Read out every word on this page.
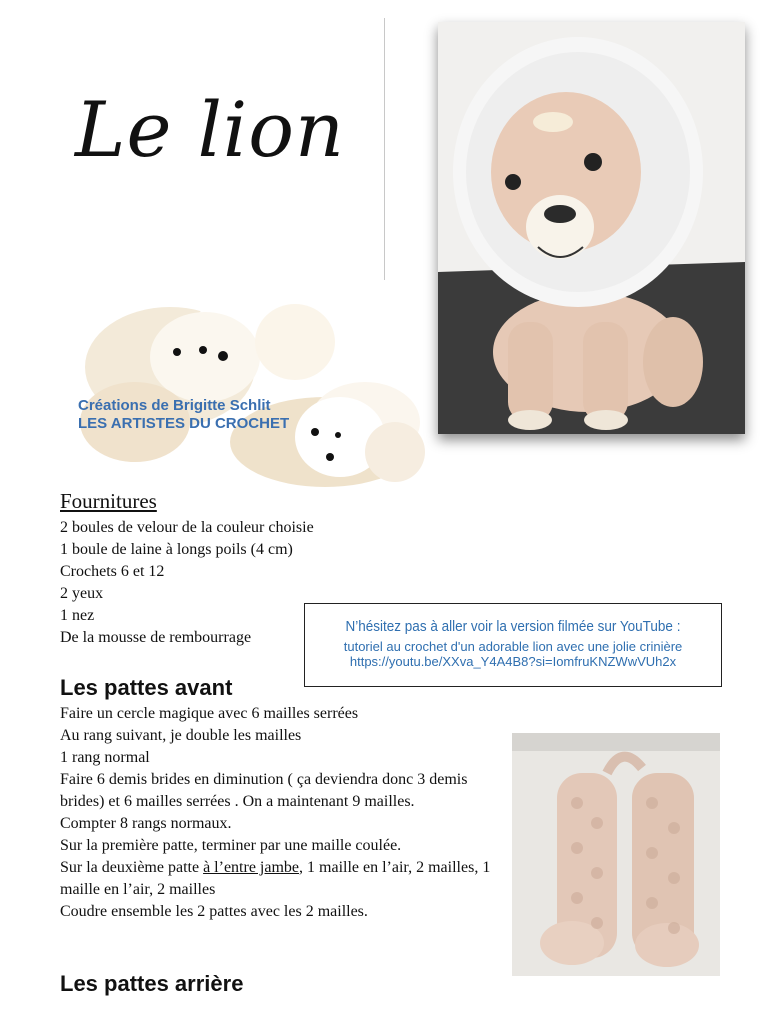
Le lion
Créations de Brigitte Schlit
LES ARTISTES DU CROCHET
Fournitures
2 boules de velour de la couleur choisie
1 boule de laine à longs poils (4 cm)
Crochets 6 et 12
2 yeux
1 nez
De la mousse de rembourrage
N’hésitez pas à aller voir la version filmée sur YouTube :
tutoriel au crochet d'un adorable lion avec une jolie crinière
https://youtu.be/XXva_Y4A4B8?si=IomfruKNZWwVUh2x
Les pattes avant

Faire un cercle magique avec 6 mailles serrées

Au rang suivant, je double les mailles

1 rang normal

Faire 6 demis brides en diminution ( ça deviendra donc 3 demis brides) et 6 mailles serrées . On a maintenant 9 mailles.

Compter 8 rangs normaux.

Sur la première patte, terminer par une maille coulée.

Sur la deuxième patte à l’entre jambe, 1 maille en l’air, 2 mailles, 1 maille en l’air, 2 mailles

Coudre ensemble les 2 pattes avec les 2 mailles.

Les pattes arrière
